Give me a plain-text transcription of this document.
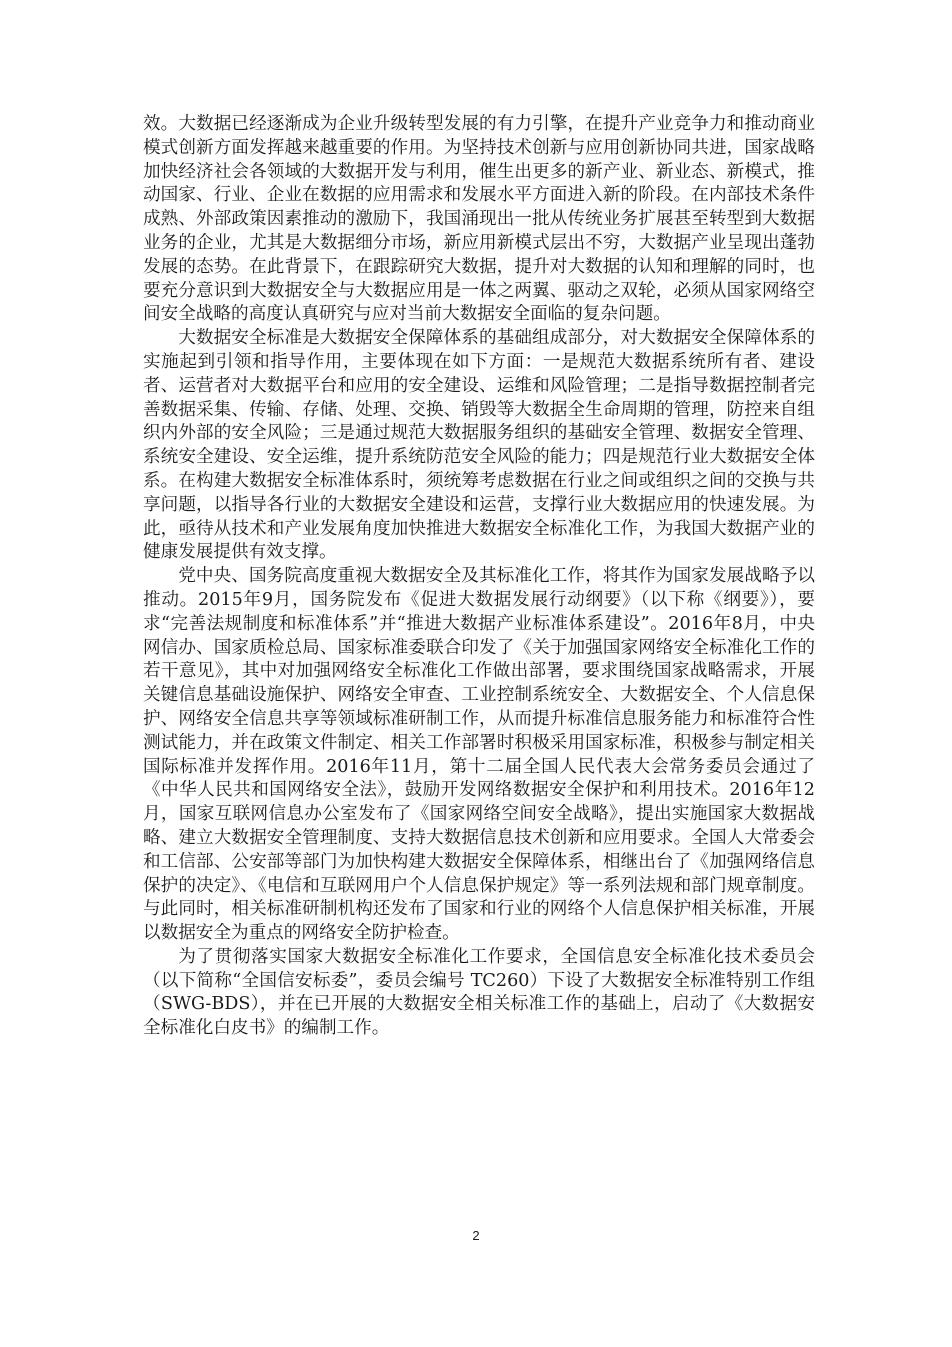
效。大数据已经逐渐成为企业升级转型发展的有力引擎，在提升产业竞争力和推动商业模式创新方面发挥越来越重要的作用。为坚持技术创新与应用创新协同共进，国家战略加快经济社会各领域的大数据开发与利用，催生出更多的新产业、新业态、新模式，推动国家、行业、企业在数据的应用需求和发展水平方面进入新的阶段。在内部技术条件成熟、外部政策因素推动的激励下，我国涌现出一批从传统业务扩展甚至转型到大数据业务的企业，尤其是大数据细分市场，新应用新模式层出不穷，大数据产业呈现出蓬勃发展的态势。在此背景下，在跟踪研究大数据，提升对大数据的认知和理解的同时，也要充分意识到大数据安全与大数据应用是一体之两翼、驱动之双轮，必须从国家网络空间安全战略的高度认真研究与应对当前大数据安全面临的复杂问题。

大数据安全标准是大数据安全保障体系的基础组成部分，对大数据安全保障体系的实施起到引领和指导作用，主要体现在如下方面：一是规范大数据系统所有者、建设者、运营者对大数据平台和应用的安全建设、运维和风险管理；二是指导数据控制者完善数据采集、传输、存储、处理、交换、销毁等大数据全生命周期的管理，防控来自组织内外部的安全风险；三是通过规范大数据服务组织的基础安全管理、数据安全管理、系统安全建设、安全运维，提升系统防范安全风险的能力；四是规范行业大数据安全体系。在构建大数据安全标准体系时，须统筹考虑数据在行业之间或组织之间的交换与共享问题，以指导各行业的大数据安全建设和运营，支撑行业大数据应用的快速发展。为此，亟待从技术和产业发展角度加快推进大数据安全标准化工作，为我国大数据产业的健康发展提供有效支撑。

党中央、国务院高度重视大数据安全及其标准化工作，将其作为国家发展战略予以推动。2015年9月，国务院发布《促进大数据发展行动纲要》（以下称《纲要》），要求“完善法规制度和标准体系”并“推进大数据产业标准体系建设”。2016年8月，中央网信办、国家质检总局、国家标准委联合印发了《关于加强国家网络安全标准化工作的若干意见》，其中对加强网络安全标准化工作做出部署，要求围绕国家战略需求，开展关键信息基础设施保护、网络安全审查、工业控制系统安全、大数据安全、个人信息保护、网络安全信息共享等领域标准研制工作，从而提升标准信息服务能力和标准符合性测试能力，并在政策文件制定、相关工作部署时积极采用国家标准，积极参与制定相关国际标准并发挥作用。2016年11月，第十二届全国人民代表大会常务委员会通过了《中华人民共和国网络安全法》，鼓励开发网络数据安全保护和利用技术。2016年12月，国家互联网信息办公室发布了《国家网络空间安全战略》，提出实施国家大数据战略、建立大数据安全管理制度、支持大数据信息技术创新和应用要求。全国人大常委会和工信部、公安部等部门为加快构建大数据安全保障体系，相继出台了《加强网络信息保护的决定》、《电信和互联网用户个人信息保护规定》等一系列法规和部门规章制度。与此同时，相关标准研制机构还发布了国家和行业的网络个人信息保护相关标准，开展以数据安全为重点的网络安全防护检查。

为了贯彻落实国家大数据安全标准化工作要求，全国信息安全标准化技术委员会（以下简称“全国信安标委”，委员会编号 TC260）下设了大数据安全标准特别工作组（SWG-BDS），并在已开展的大数据安全相关标准工作的基础上，启动了《大数据安全标准化白皮书》的编制工作。

2
